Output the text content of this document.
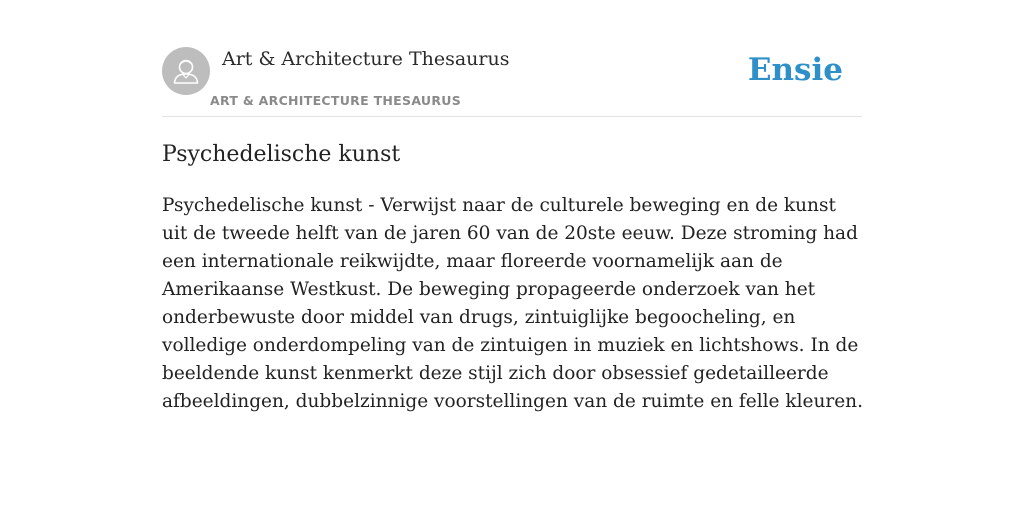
Art & Architecture Thesaurus
ART & ARCHITECTURE THESAURUS
Ensie
Psychedelische kunst

Psychedelische kunst - Verwijst naar de culturele beweging en de kunst uit de tweede helft van de jaren 60 van de 20ste eeuw. Deze stroming had een internationale reikwijdte, maar floreerde voornamelijk aan de Amerikaanse Westkust. De beweging propageerde onderzoek van het onderbewuste door middel van drugs, zintuiglijke begoocheling, en volledige onderdompeling van de zintuigen in muziek en lichtshows. In de beeldende kunst kenmerkt deze stijl zich door obsessief gedetailleerde afbeeldingen, dubbelzinnige voorstellingen van de ruimte en felle kleuren.
